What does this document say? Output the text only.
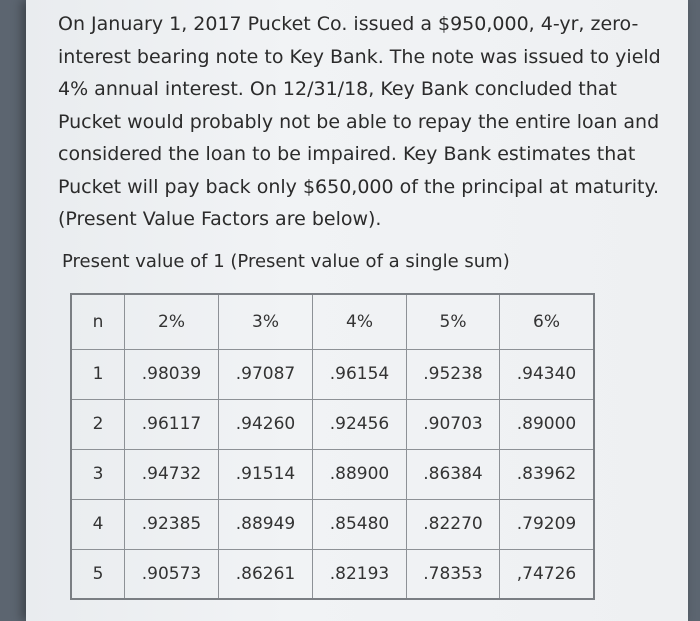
On January 1, 2017 Pucket Co. issued a $950,000, 4-yr, zero-

interest bearing note to Key Bank. The note was issued to yield

4% annual interest. On 12/31/18, Key Bank concluded that

Pucket would probably not be able to repay the entire loan and

considered the loan to be impaired. Key Bank estimates that

Pucket will pay back only $650,000 of the principal at maturity.

(Present Value Factors are below).

Present value of 1 (Present value of a single sum)
n	2%	3%	4%	5%	6%
1	.98039	.97087	.96154	.95238	.94340
2	.96117	.94260	.92456	.90703	.89000
3	.94732	.91514	.88900	.86384	.83962
4	.92385	.88949	.85480	.82270	.79209
5	.90573	.86261	.82193	.78353	,74726
